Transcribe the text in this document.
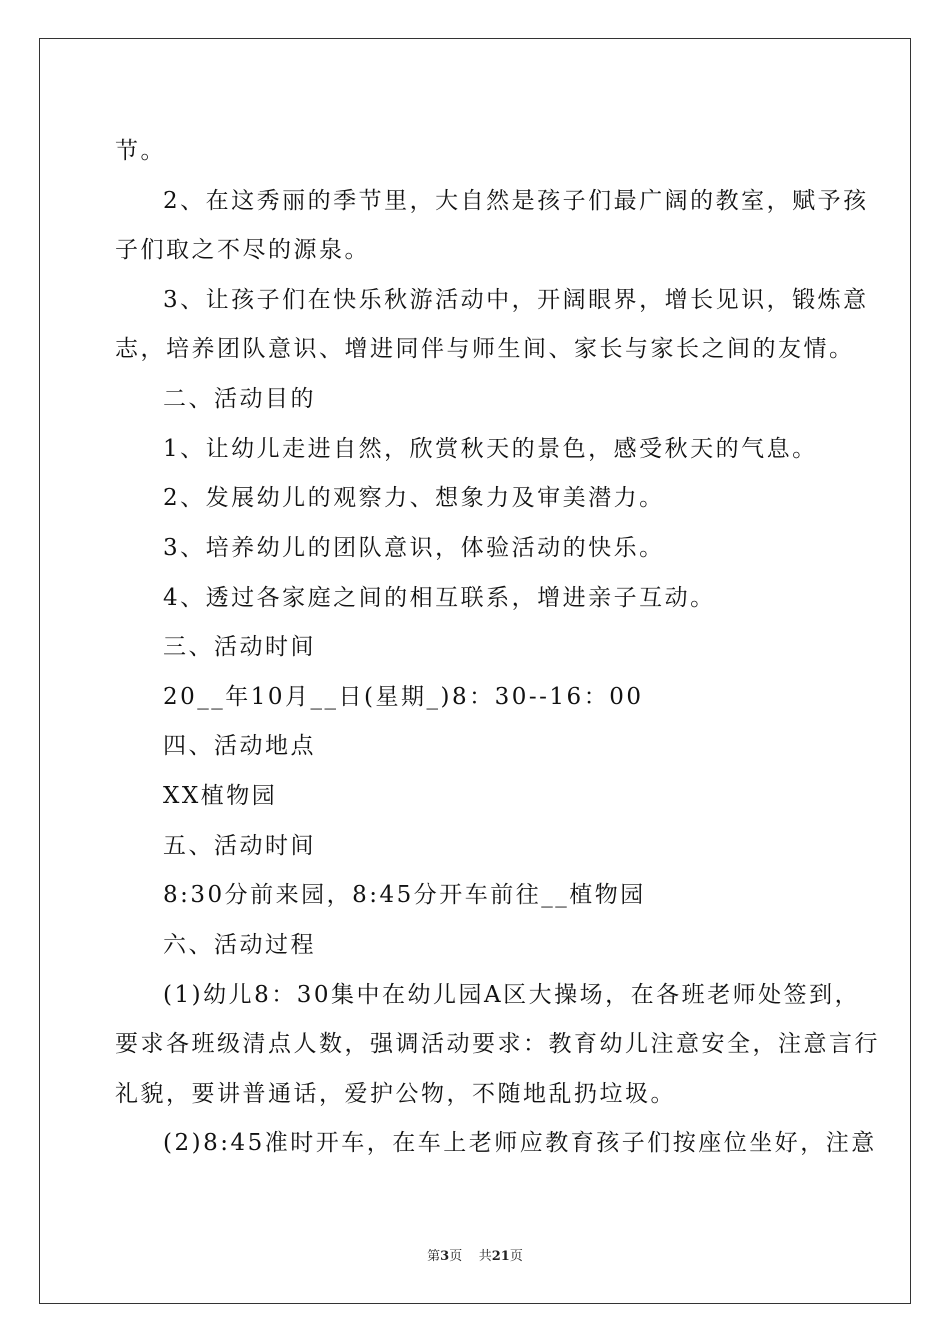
节。
2、在这秀丽的季节里，大自然是孩子们最广阔的教室，赋予孩
子们取之不尽的源泉。
3、让孩子们在快乐秋游活动中，开阔眼界，增长见识，锻炼意
志，培养团队意识、增进同伴与师生间、家长与家长之间的友情。
二、活动目的
1、让幼儿走进自然，欣赏秋天的景色，感受秋天的气息。
2、发展幼儿的观察力、想象力及审美潜力。
3、培养幼儿的团队意识，体验活动的快乐。
4、透过各家庭之间的相互联系，增进亲子互动。
三、活动时间
20__年10月__日(星期_)8：30--16：00
四、活动地点
XX植物园
五、活动时间
8:30分前来园，8:45分开车前往__植物园
六、活动过程
(1)幼儿8：30集中在幼儿园A区大操场，在各班老师处签到，
要求各班级清点人数，强调活动要求：教育幼儿注意安全，注意言行
礼貌，要讲普通话，爱护公物，不随地乱扔垃圾。
(2)8:45准时开车，在车上老师应教育孩子们按座位坐好，注意
第3页 共21页
